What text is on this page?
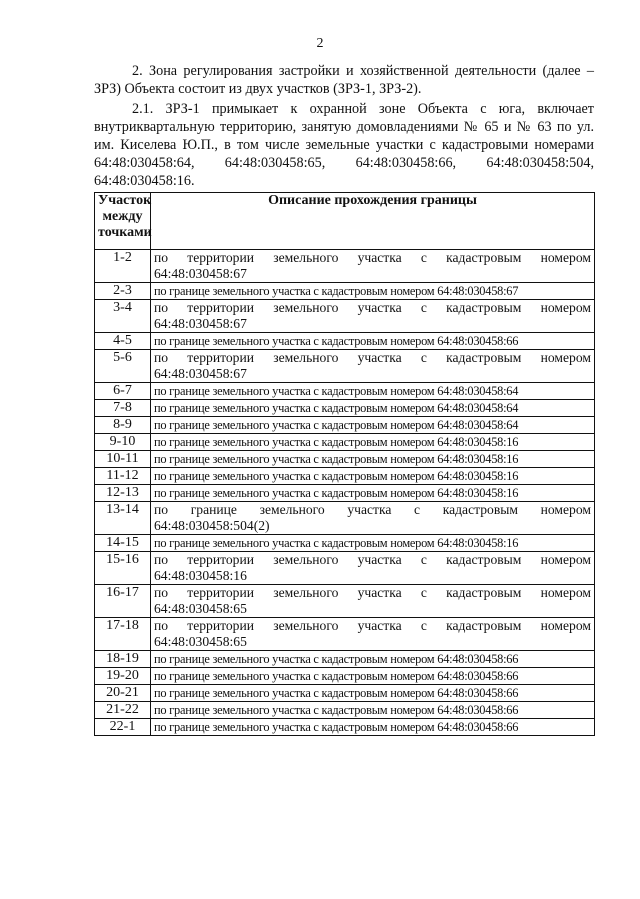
2
2. Зона регулирования застройки и хозяйственной деятельности (далее – ЗРЗ) Объекта состоит из двух участков (ЗРЗ-1, ЗРЗ-2).
2.1. ЗРЗ-1 примыкает к охранной зоне Объекта с юга, включает внутриквартальную территорию, занятую домовладениями № 65 и № 63 по ул. им. Киселева Ю.П., в том числе земельные участки с кадастровыми номерами 64:48:030458:64, 64:48:030458:65, 64:48:030458:66, 64:48:030458:504, 64:48:030458:16.
Участок между точками	Описание прохождения границы
1-2	по территории земельного участка с кадастровым номером 64:48:030458:67
2-3	по границе земельного участка с кадастровым номером 64:48:030458:67
3-4	по территории земельного участка с кадастровым номером 64:48:030458:67
4-5	по границе земельного участка с кадастровым номером 64:48:030458:66
5-6	по территории земельного участка с кадастровым номером 64:48:030458:67
6-7	по границе земельного участка с кадастровым номером 64:48:030458:64
7-8	по границе земельного участка с кадастровым номером 64:48:030458:64
8-9	по границе земельного участка с кадастровым номером 64:48:030458:64
9-10	по границе земельного участка с кадастровым номером 64:48:030458:16
10-11	по границе земельного участка с кадастровым номером 64:48:030458:16
11-12	по границе земельного участка с кадастровым номером 64:48:030458:16
12-13	по границе земельного участка с кадастровым номером 64:48:030458:16
13-14	по границе земельного участка с кадастровым номером 64:48:030458:504(2)
14-15	по границе земельного участка с кадастровым номером 64:48:030458:16
15-16	по территории земельного участка с кадастровым номером 64:48:030458:16
16-17	по территории земельного участка с кадастровым номером 64:48:030458:65
17-18	по территории земельного участка с кадастровым номером 64:48:030458:65
18-19	по границе земельного участка с кадастровым номером 64:48:030458:66
19-20	по границе земельного участка с кадастровым номером 64:48:030458:66
20-21	по границе земельного участка с кадастровым номером 64:48:030458:66
21-22	по границе земельного участка с кадастровым номером 64:48:030458:66
22-1	по границе земельного участка с кадастровым номером 64:48:030458:66
